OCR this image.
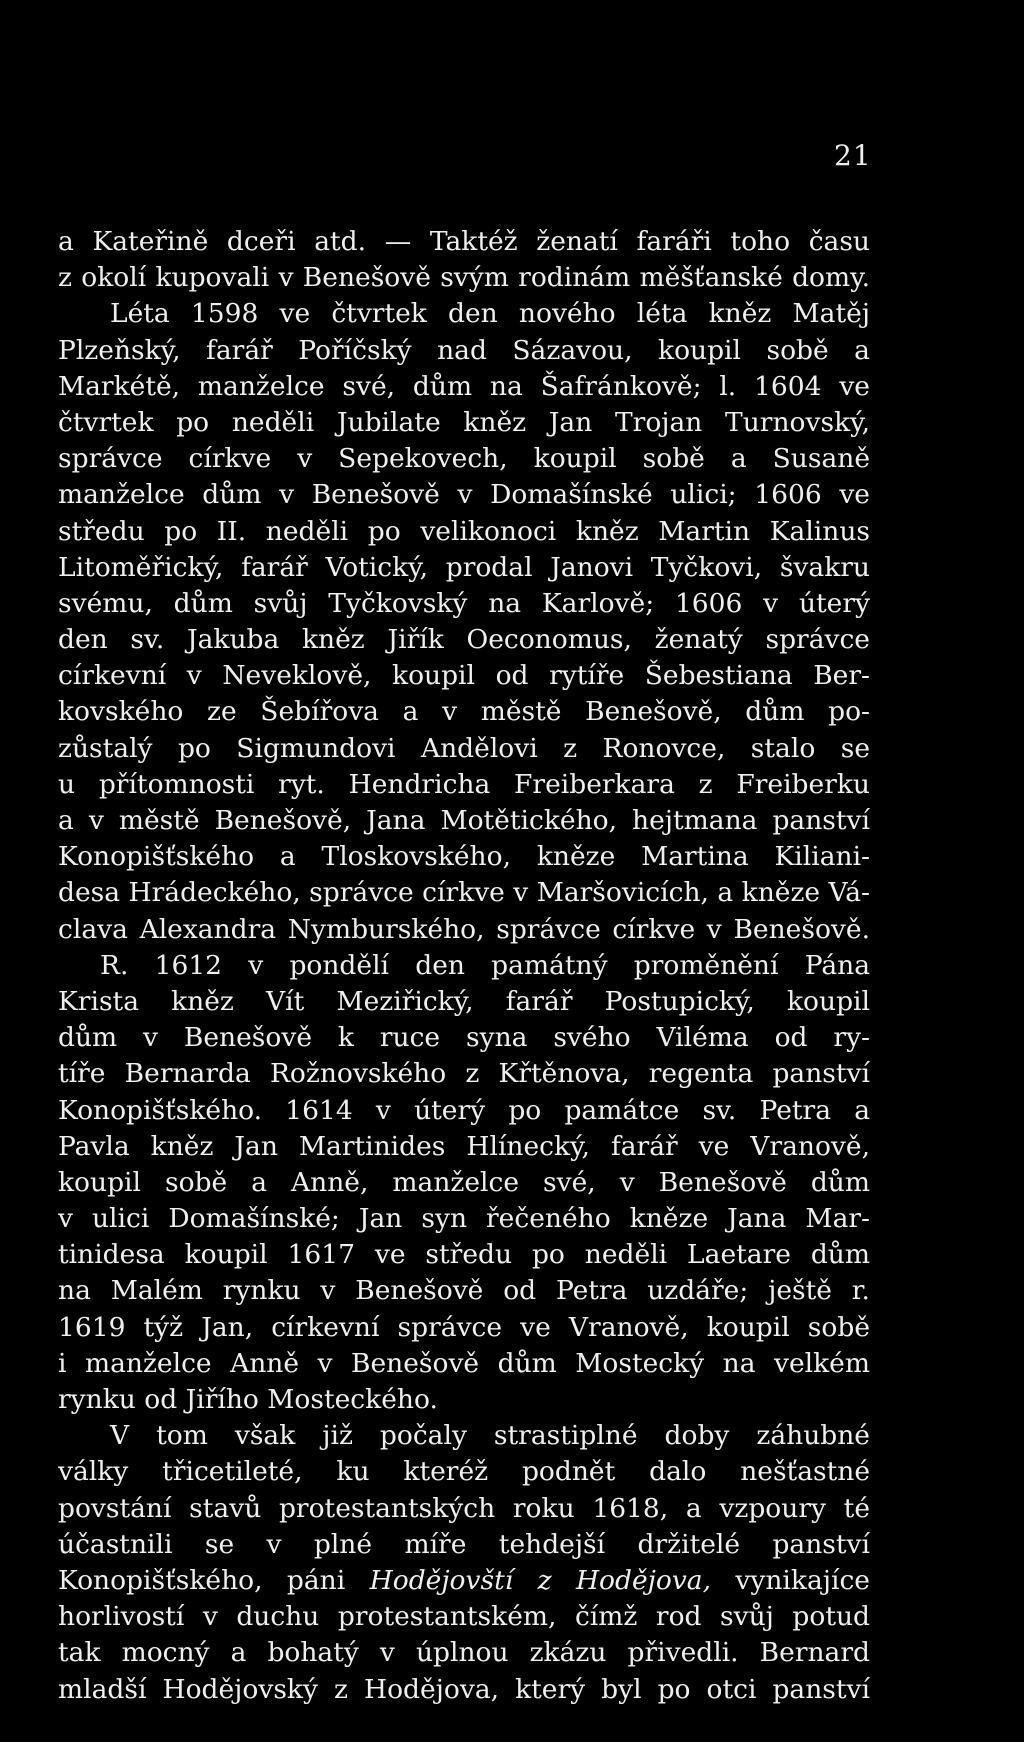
21
a Kateřině dceři atd. — Taktéž ženatí faráři toho času
z okolí kupovali v Benešově svým rodinám měšťanské domy.
Léta 1598 ve čtvrtek den nového léta kněz Matěj
Plzeňský, farář Poříčský nad Sázavou, koupil sobě a
Markétě, manželce své, dům na Šafránkově; l. 1604 ve
čtvrtek po neděli Jubilate kněz Jan Trojan Turnovský,
správce církve v Sepekovech, koupil sobě a Susaně
manželce dům v Benešově v Domašínské ulici; 1606 ve
středu po II. neděli po velikonoci kněz Martin Kalinus
Litoměřický, farář Votický, prodal Janovi Tyčkovi, švakru
svému, dům svůj Tyčkovský na Karlově; 1606 v úterý
den sv. Jakuba kněz Jiřík Oeconomus, ženatý správce
církevní v Neveklově, koupil od rytíře Šebestiana Ber-
kovského ze Šebířova a v městě Benešově, dům po-
zůstalý po Sigmundovi Andělovi z Ronovce, stalo se
u přítomnosti ryt. Hendricha Freiberkara z Freiberku
a v městě Benešově, Jana Motětického, hejtmana panství
Konopišťského a Tloskovského, kněze Martina Kiliani-
desa Hrádeckého, správce církve v Maršovicích, a kněze Vá-
clava Alexandra Nymburského, správce církve v Benešově.
R. 1612 v pondělí den památný proměnění Pána
Krista kněz Vít Meziřický, farář Postupický, koupil
dům v Benešově k ruce syna svého Viléma od ry-
tíře Bernarda Rožnovského z Křtěnova, regenta panství
Konopišťského. 1614 v úterý po památce sv. Petra a
Pavla kněz Jan Martinides Hlínecký, farář ve Vranově,
koupil sobě a Anně, manželce své, v Benešově dům
v ulici Domašínské; Jan syn řečeného kněze Jana Mar-
tinidesa koupil 1617 ve středu po neděli Laetare dům
na Malém rynku v Benešově od Petra uzdáře; ještě r.
1619 týž Jan, církevní správce ve Vranově, koupil sobě
i manželce Anně v Benešově dům Mostecký na velkém
rynku od Jiřího Mosteckého.
V tom však již počaly strastiplné doby záhubné
války třicetileté, ku kteréž podnět dalo nešťastné
povstání stavů protestantských roku 1618, a vzpoury té
účastnili se v plné míře tehdejší držitelé panství
Konopišťského, páni Hodějovští z Hodějova, vynikajíce
horlivostí v duchu protestantském, čímž rod svůj potud
tak mocný a bohatý v úplnou zkázu přivedli. Bernard
mladší Hodějovský z Hodějova, který byl po otci panství
